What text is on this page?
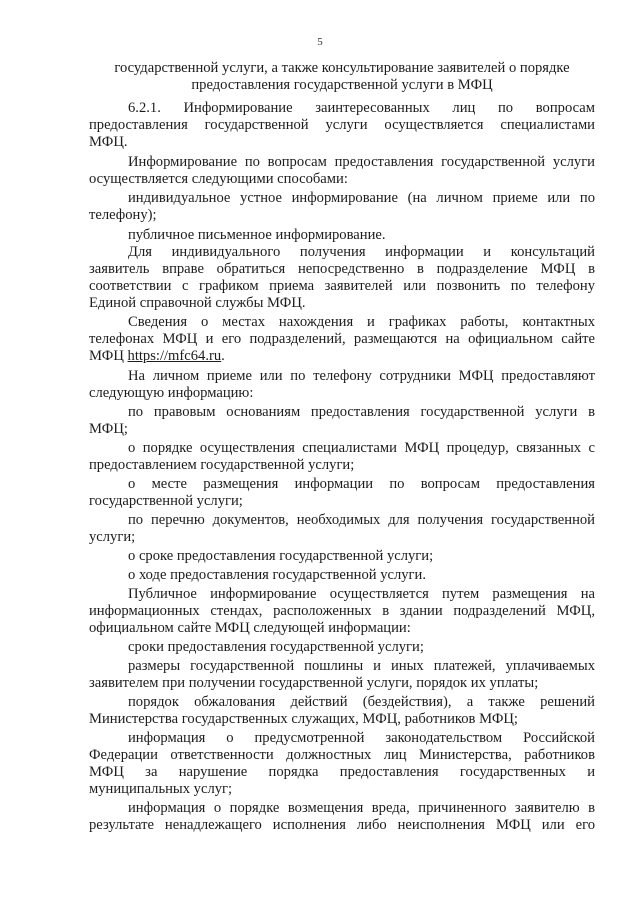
5
государственной услуги, а также консультирование заявителей о порядке
предоставления государственной услуги в МФЦ
6.2.1. Информирование заинтересованных лиц по вопросам
предоставления государственной услуги осуществляется специалистами
МФЦ.
Информирование по вопросам предоставления государственной услуги
осуществляется следующими способами:
индивидуальное устное информирование (на личном приеме или по
телефону);
публичное письменное информирование.
Для индивидуального получения информации и консультаций
заявитель вправе обратиться непосредственно в подразделение МФЦ в
соответствии с графиком приема заявителей или позвонить по телефону
Единой справочной службы МФЦ.
Сведения о местах нахождения и графиках работы, контактных
телефонах МФЦ и его подразделений, размещаются на официальном сайте
МФЦ https://mfc64.ru.
На личном приеме или по телефону сотрудники МФЦ предоставляют
следующую информацию:
по правовым основаниям предоставления государственной услуги в
МФЦ;
о порядке осуществления специалистами МФЦ процедур, связанных с
предоставлением государственной услуги;
о месте размещения информации по вопросам предоставления
государственной услуги;
по перечню документов, необходимых для получения государственной
услуги;
о сроке предоставления государственной услуги;
о ходе предоставления государственной услуги.
Публичное информирование осуществляется путем размещения на
информационных стендах, расположенных в здании подразделений МФЦ,
официальном сайте МФЦ следующей информации:
сроки предоставления государственной услуги;
размеры государственной пошлины и иных платежей, уплачиваемых
заявителем при получении государственной услуги, порядок их уплаты;
порядок обжалования действий (бездействия), а также решений
Министерства государственных служащих, МФЦ, работников МФЦ;
информация о предусмотренной законодательством Российской
Федерации ответственности должностных лиц Министерства, работников
МФЦ за нарушение порядка предоставления государственных и
муниципальных услуг;
информация о порядке возмещения вреда, причиненного заявителю в
результате ненадлежащего исполнения либо неисполнения МФЦ или его
